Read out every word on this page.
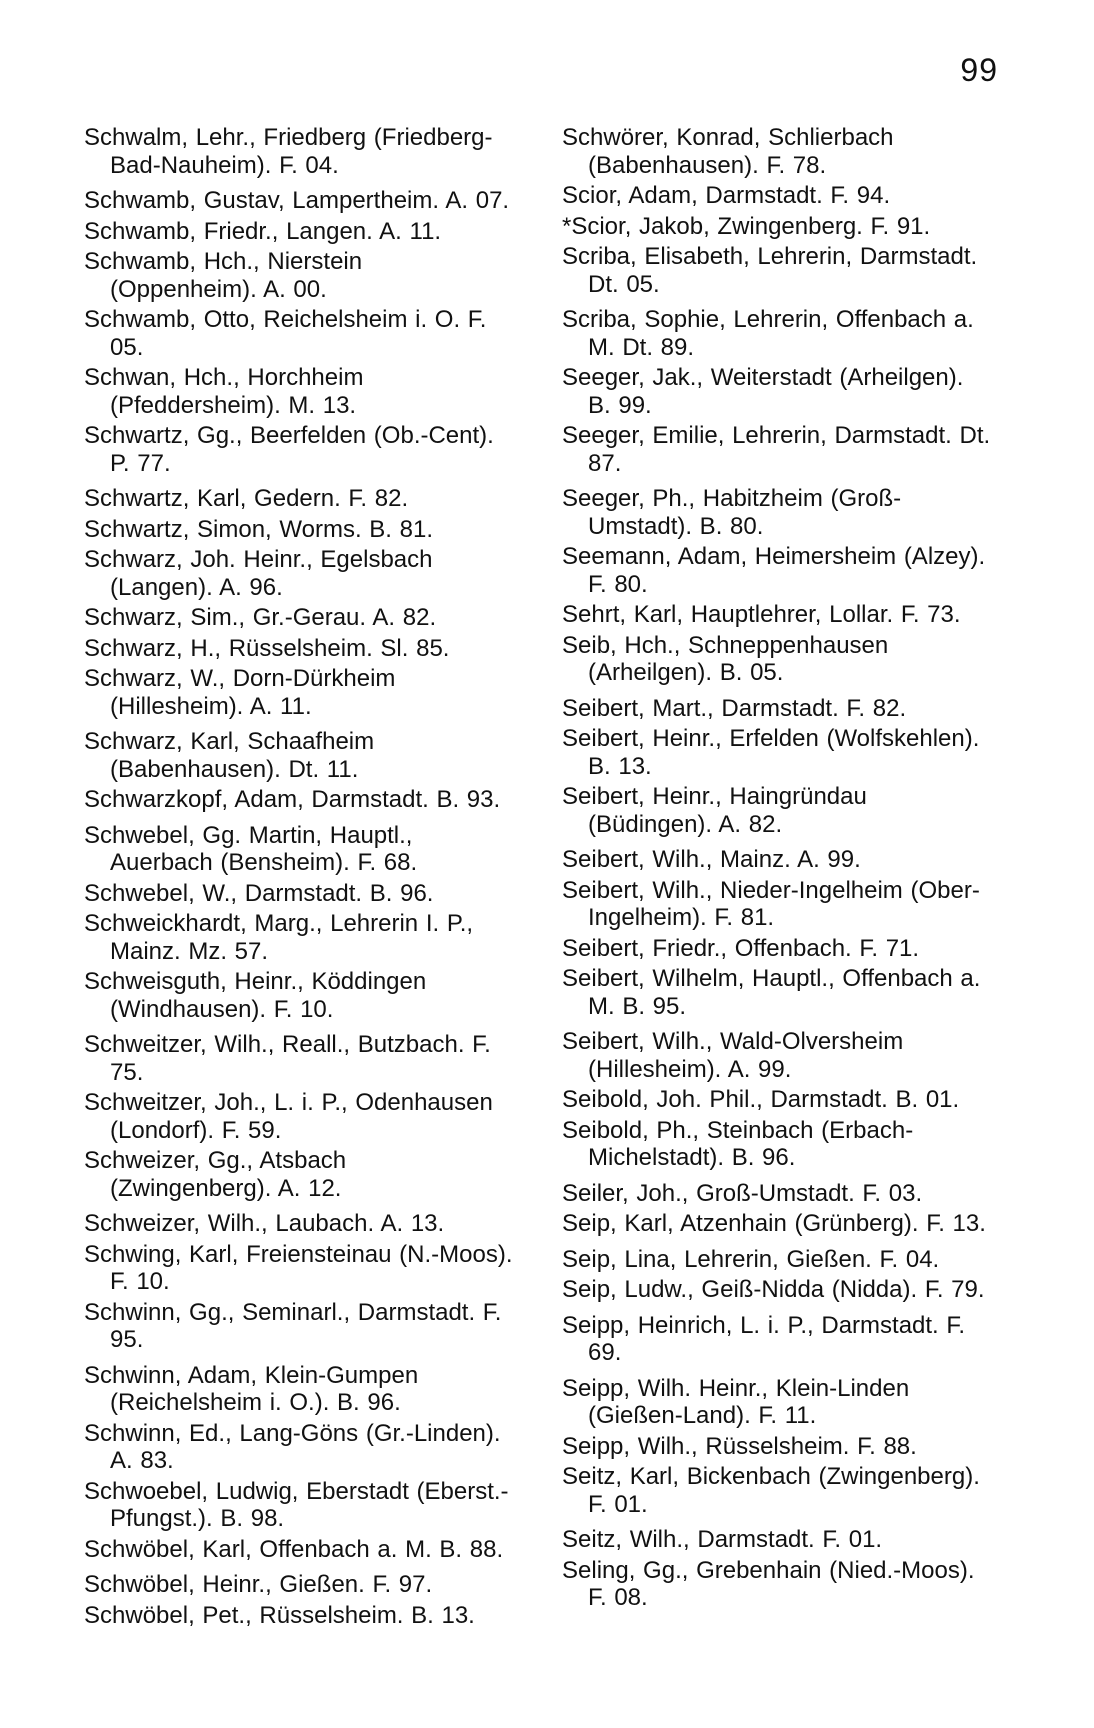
99

Schwalm, Lehr., Friedberg (Friedberg-Bad-Nauheim). F. 04.

Schwamb, Gustav, Lampertheim. A. 07.

Schwamb, Friedr., Langen. A. 11.

Schwamb, Hch., Nierstein (Oppenheim). A. 00.

Schwamb, Otto, Reichelsheim i. O. F. 05.

Schwan, Hch., Horchheim (Pfeddersheim). M. 13.

Schwartz, Gg., Beerfelden (Ob.-Cent). P. 77.

Schwartz, Karl, Gedern. F. 82.

Schwartz, Simon, Worms. B. 81.

Schwarz, Joh. Heinr., Egelsbach (Langen). A. 96.

Schwarz, Sim., Gr.-Gerau. A. 82.

Schwarz, H., Rüsselsheim. Sl. 85.

Schwarz, W., Dorn-Dürkheim (Hillesheim). A. 11.

Schwarz, Karl, Schaafheim (Babenhausen). Dt. 11.

Schwarzkopf, Adam, Darmstadt. B. 93.

Schwebel, Gg. Martin, Hauptl., Auerbach (Bensheim). F. 68.

Schwebel, W., Darmstadt. B. 96.

Schweickhardt, Marg., Lehrerin I. P., Mainz. Mz. 57.

Schweisguth, Heinr., Köddingen (Windhausen). F. 10.

Schweitzer, Wilh., Reall., Butzbach. F. 75.

Schweitzer, Joh., L. i. P., Odenhausen (Londorf). F. 59.

Schweizer, Gg., Atsbach (Zwingenberg). A. 12.

Schweizer, Wilh., Laubach. A. 13.

Schwing, Karl, Freiensteinau (N.-Moos). F. 10.

Schwinn, Gg., Seminarl., Darmstadt. F. 95.

Schwinn, Adam, Klein-Gumpen (Reichelsheim i. O.). B. 96.

Schwinn, Ed., Lang-Göns (Gr.-Linden). A. 83.

Schwoebel, Ludwig, Eberstadt (Eberst.-Pfungst.). B. 98.

Schwöbel, Karl, Offenbach a. M. B. 88.

Schwöbel, Heinr., Gießen. F. 97.

Schwöbel, Pet., Rüsselsheim. B. 13.

Schwörer, Konrad, Schlierbach (Babenhausen). F. 78.

Scior, Adam, Darmstadt. F. 94.

*Scior, Jakob, Zwingenberg. F. 91.

Scriba, Elisabeth, Lehrerin, Darmstadt. Dt. 05.

Scriba, Sophie, Lehrerin, Offenbach a. M. Dt. 89.

Seeger, Jak., Weiterstadt (Arheilgen). B. 99.

Seeger, Emilie, Lehrerin, Darmstadt. Dt. 87.

Seeger, Ph., Habitzheim (Groß-Umstadt). B. 80.

Seemann, Adam, Heimersheim (Alzey). F. 80.

Sehrt, Karl, Hauptlehrer, Lollar. F. 73.

Seib, Hch., Schneppenhausen (Arheilgen). B. 05.

Seibert, Mart., Darmstadt. F. 82.

Seibert, Heinr., Erfelden (Wolfskehlen). B. 13.

Seibert, Heinr., Haingründau (Büdingen). A. 82.

Seibert, Wilh., Mainz. A. 99.

Seibert, Wilh., Nieder-Ingelheim (Ober-Ingelheim). F. 81.

Seibert, Friedr., Offenbach. F. 71.

Seibert, Wilhelm, Hauptl., Offenbach a. M. B. 95.

Seibert, Wilh., Wald-Olversheim (Hillesheim). A. 99.

Seibold, Joh. Phil., Darmstadt. B. 01.

Seibold, Ph., Steinbach (Erbach-Michelstadt). B. 96.

Seiler, Joh., Groß-Umstadt. F. 03.

Seip, Karl, Atzenhain (Grünberg). F. 13.

Seip, Lina, Lehrerin, Gießen. F. 04.

Seip, Ludw., Geiß-Nidda (Nidda). F. 79.

Seipp, Heinrich, L. i. P., Darmstadt. F. 69.

Seipp, Wilh. Heinr., Klein-Linden (Gießen-Land). F. 11.

Seipp, Wilh., Rüsselsheim. F. 88.

Seitz, Karl, Bickenbach (Zwingenberg). F. 01.

Seitz, Wilh., Darmstadt. F. 01.

Seling, Gg., Grebenhain (Nied.-Moos). F. 08.
